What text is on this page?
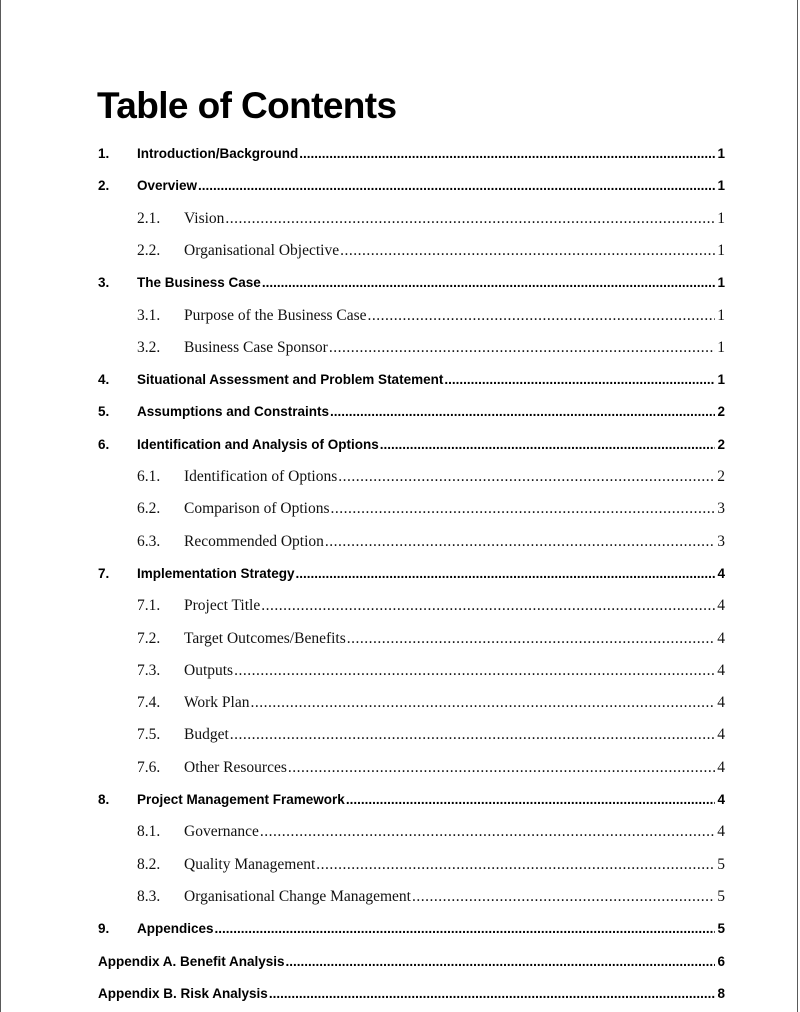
Table of Contents
1.	Introduction/Background .....	1
2.	Overview .....	1
2.1.	Vision .....	1
2.2.	Organisational Objective .....	1
3.	The Business Case .....	1
3.1.	Purpose of the Business Case .....	1
3.2.	Business Case Sponsor .....	1
4.	Situational Assessment and Problem Statement .....	1
5.	Assumptions and Constraints .....	2
6.	Identification and Analysis of Options .....	2
6.1.	Identification of Options .....	2
6.2.	Comparison of Options .....	3
6.3.	Recommended Option .....	3
7.	Implementation Strategy .....	4
7.1.	Project Title .....	4
7.2.	Target Outcomes/Benefits .....	4
7.3.	Outputs .....	4
7.4.	Work Plan .....	4
7.5.	Budget .....	4
7.6.	Other Resources .....	4
8.	Project Management Framework .....	4
8.1.	Governance .....	4
8.2.	Quality Management .....	5
8.3.	Organisational Change Management .....	5
9.	Appendices .....	5
Appendix A. Benefit Analysis .....	6
Appendix B. Risk Analysis .....	8
